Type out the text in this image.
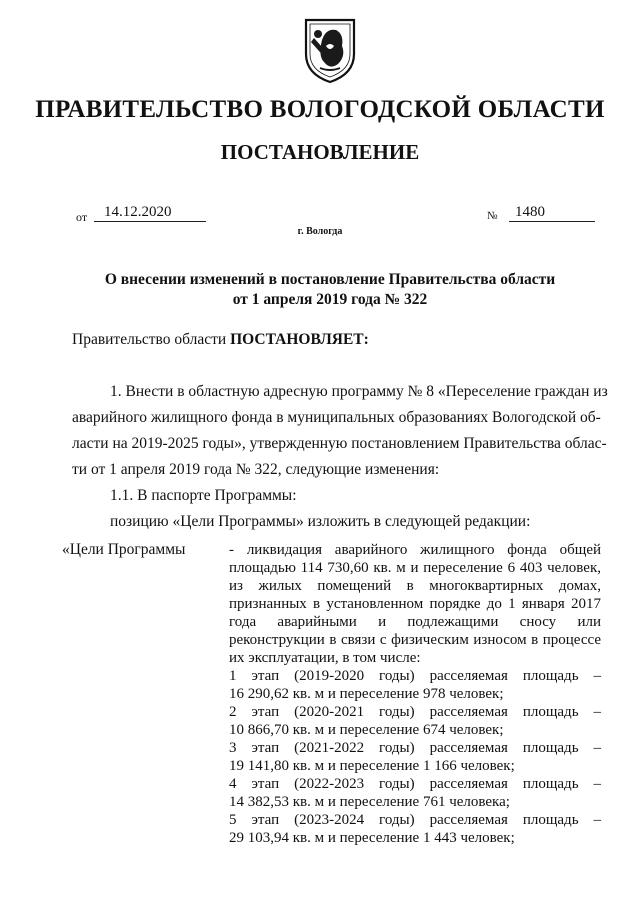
ПРАВИТЕЛЬСТВО ВОЛОГОДСКОЙ ОБЛАСТИ
ПОСТАНОВЛЕНИЕ
от	14.12.2020	№	1480
г. Вологда
О внесении изменений в постановление Правительства области
от 1 апреля 2019 года № 322
Правительство области ПОСТАНОВЛЯЕТ:
1. Внести в областную адресную программу № 8 «Переселение граждан из
аварийного жилищного фонда в муниципальных образованиях Вологодской об-
ласти на 2019-2025 годы», утвержденную постановлением Правительства облас-
ти от 1 апреля 2019 года № 322, следующие изменения:
1.1. В паспорте Программы:
позицию «Цели Программы» изложить в следующей редакции:
«Цели Программы	- ликвидация аварийного жилищного фонда общей
площадью 114 730,60 кв. м и переселение 6 403 человек,
из жилых помещений в многоквартирных домах,
признанных в установленном порядке до 1 января 2017
года аварийными и подлежащими сносу или
реконструкции в связи с физическим износом в процессе
их эксплуатации, в том числе:
1 этап (2019-2020 годы) расселяемая площадь –
16 290,62 кв. м и переселение 978 человек;
2 этап (2020-2021 годы) расселяемая площадь –
10 866,70 кв. м и переселение 674 человек;
3 этап (2021-2022 годы) расселяемая площадь –
19 141,80 кв. м и переселение 1 166 человек;
4 этап (2022-2023 годы) расселяемая площадь –
14 382,53 кв. м и переселение 761 человека;
5 этап (2023-2024 годы) расселяемая площадь –
29 103,94 кв. м и переселение 1 443 человек;
